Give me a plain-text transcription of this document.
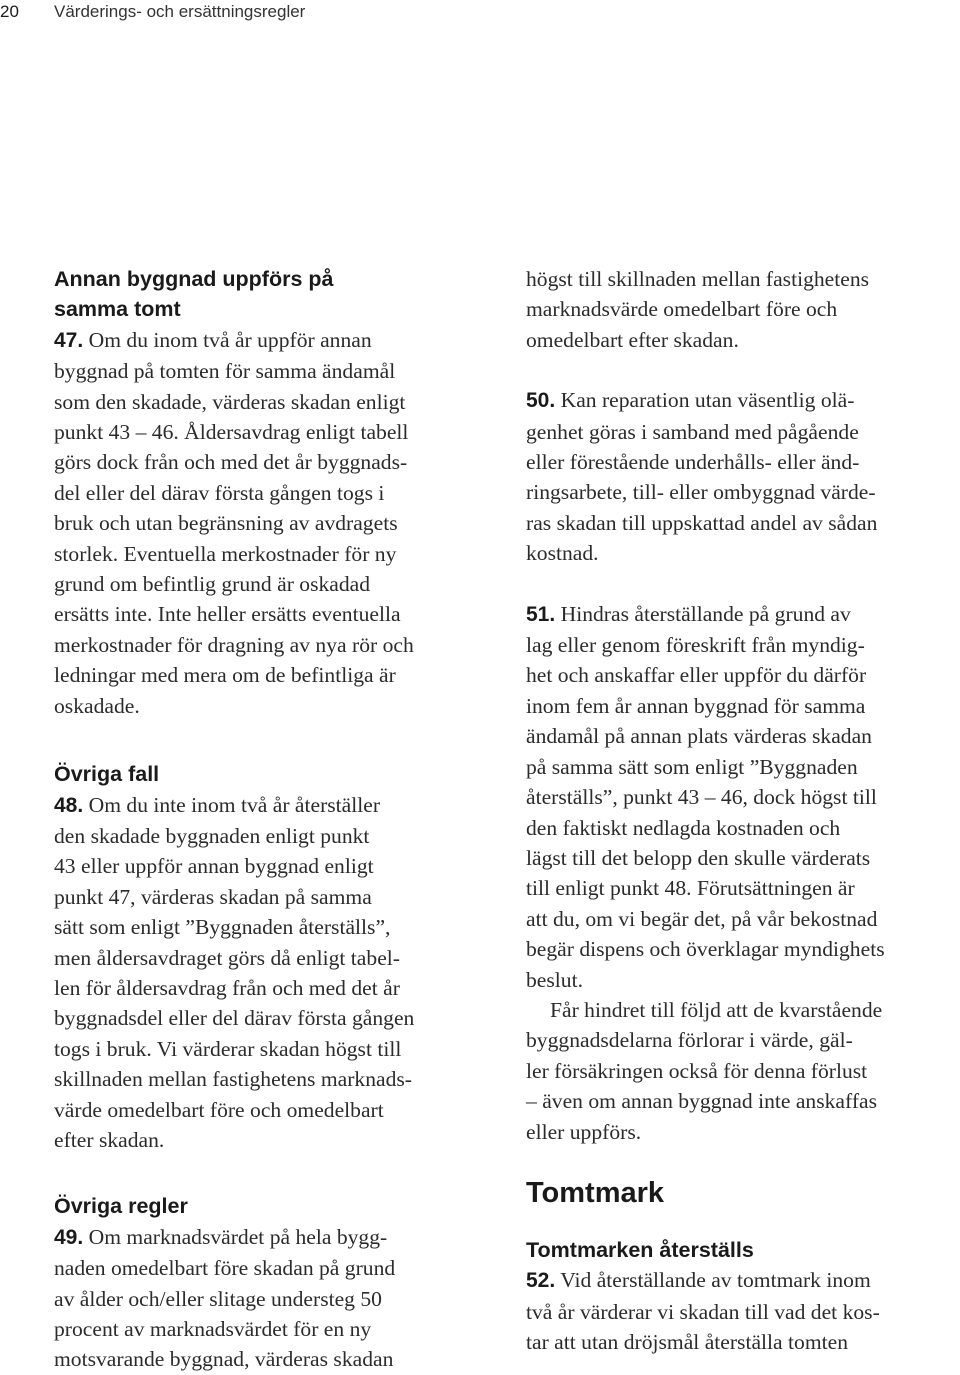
20 Värderings- och ersättningsregler
Annan byggnad uppförs på
samma tomt
47. Om du inom två år uppför annan
byggnad på tomten för samma ändamål
som den skadade, värderas skadan enligt
punkt 43 – 46. Åldersavdrag enligt tabell
görs dock från och med det år byggnads-
del eller del därav första gången togs i
bruk och utan begränsning av avdragets
storlek. Eventuella merkostnader för ny
grund om befintlig grund är oskadad
ersätts inte. Inte heller ersätts eventuella
merkostnader för dragning av nya rör och
ledningar med mera om de befintliga är
oskadade.
Övriga fall
48. Om du inte inom två år återställer
den skadade byggnaden enligt punkt
43 eller uppför annan byggnad enligt
punkt 47, värderas skadan på samma
sätt som enligt ”Byggnaden återställs”,
men åldersavdraget görs då enligt tabel-
len för åldersavdrag från och med det år
byggnadsdel eller del därav första gången
togs i bruk. Vi värderar skadan högst till
skillnaden mellan fastighetens marknads-
värde omedelbart före och omedelbart
efter skadan.
Övriga regler
49. Om marknadsvärdet på hela bygg-
naden omedelbart före skadan på grund
av ålder och/eller slitage understeg 50
procent av marknadsvärdet för en ny
motsvarande byggnad, värderas skadan
högst till skillnaden mellan fastighetens
marknadsvärde omedelbart före och
omedelbart efter skadan.
50. Kan reparation utan väsentlig olä-
genhet göras i samband med pågående
eller förestående underhålls- eller änd-
ringsarbete, till- eller ombyggnad värde-
ras skadan till uppskattad andel av sådan
kostnad.
51. Hindras återställande på grund av
lag eller genom föreskrift från myndig-
het och anskaffar eller uppför du därför
inom fem år annan byggnad för samma
ändamål på annan plats värderas skadan
på samma sätt som enligt ”Byggnaden
återställs”, punkt 43 – 46, dock högst till
den faktiskt nedlagda kostnaden och
lägst till det belopp den skulle värderats
till enligt punkt 48. Förutsättningen är
att du, om vi begär det, på vår bekostnad
begär dispens och överklagar myndighets
beslut.
Får hindret till följd att de kvarstående
byggnadsdelarna förlorar i värde, gäl-
ler försäkringen också för denna förlust
– även om annan byggnad inte anskaffas
eller uppförs.
Tomtmark
Tomtmarken återställs
52. Vid återställande av tomtmark inom
två år värderar vi skadan till vad det kos-
tar att utan dröjsmål återställa tomten
